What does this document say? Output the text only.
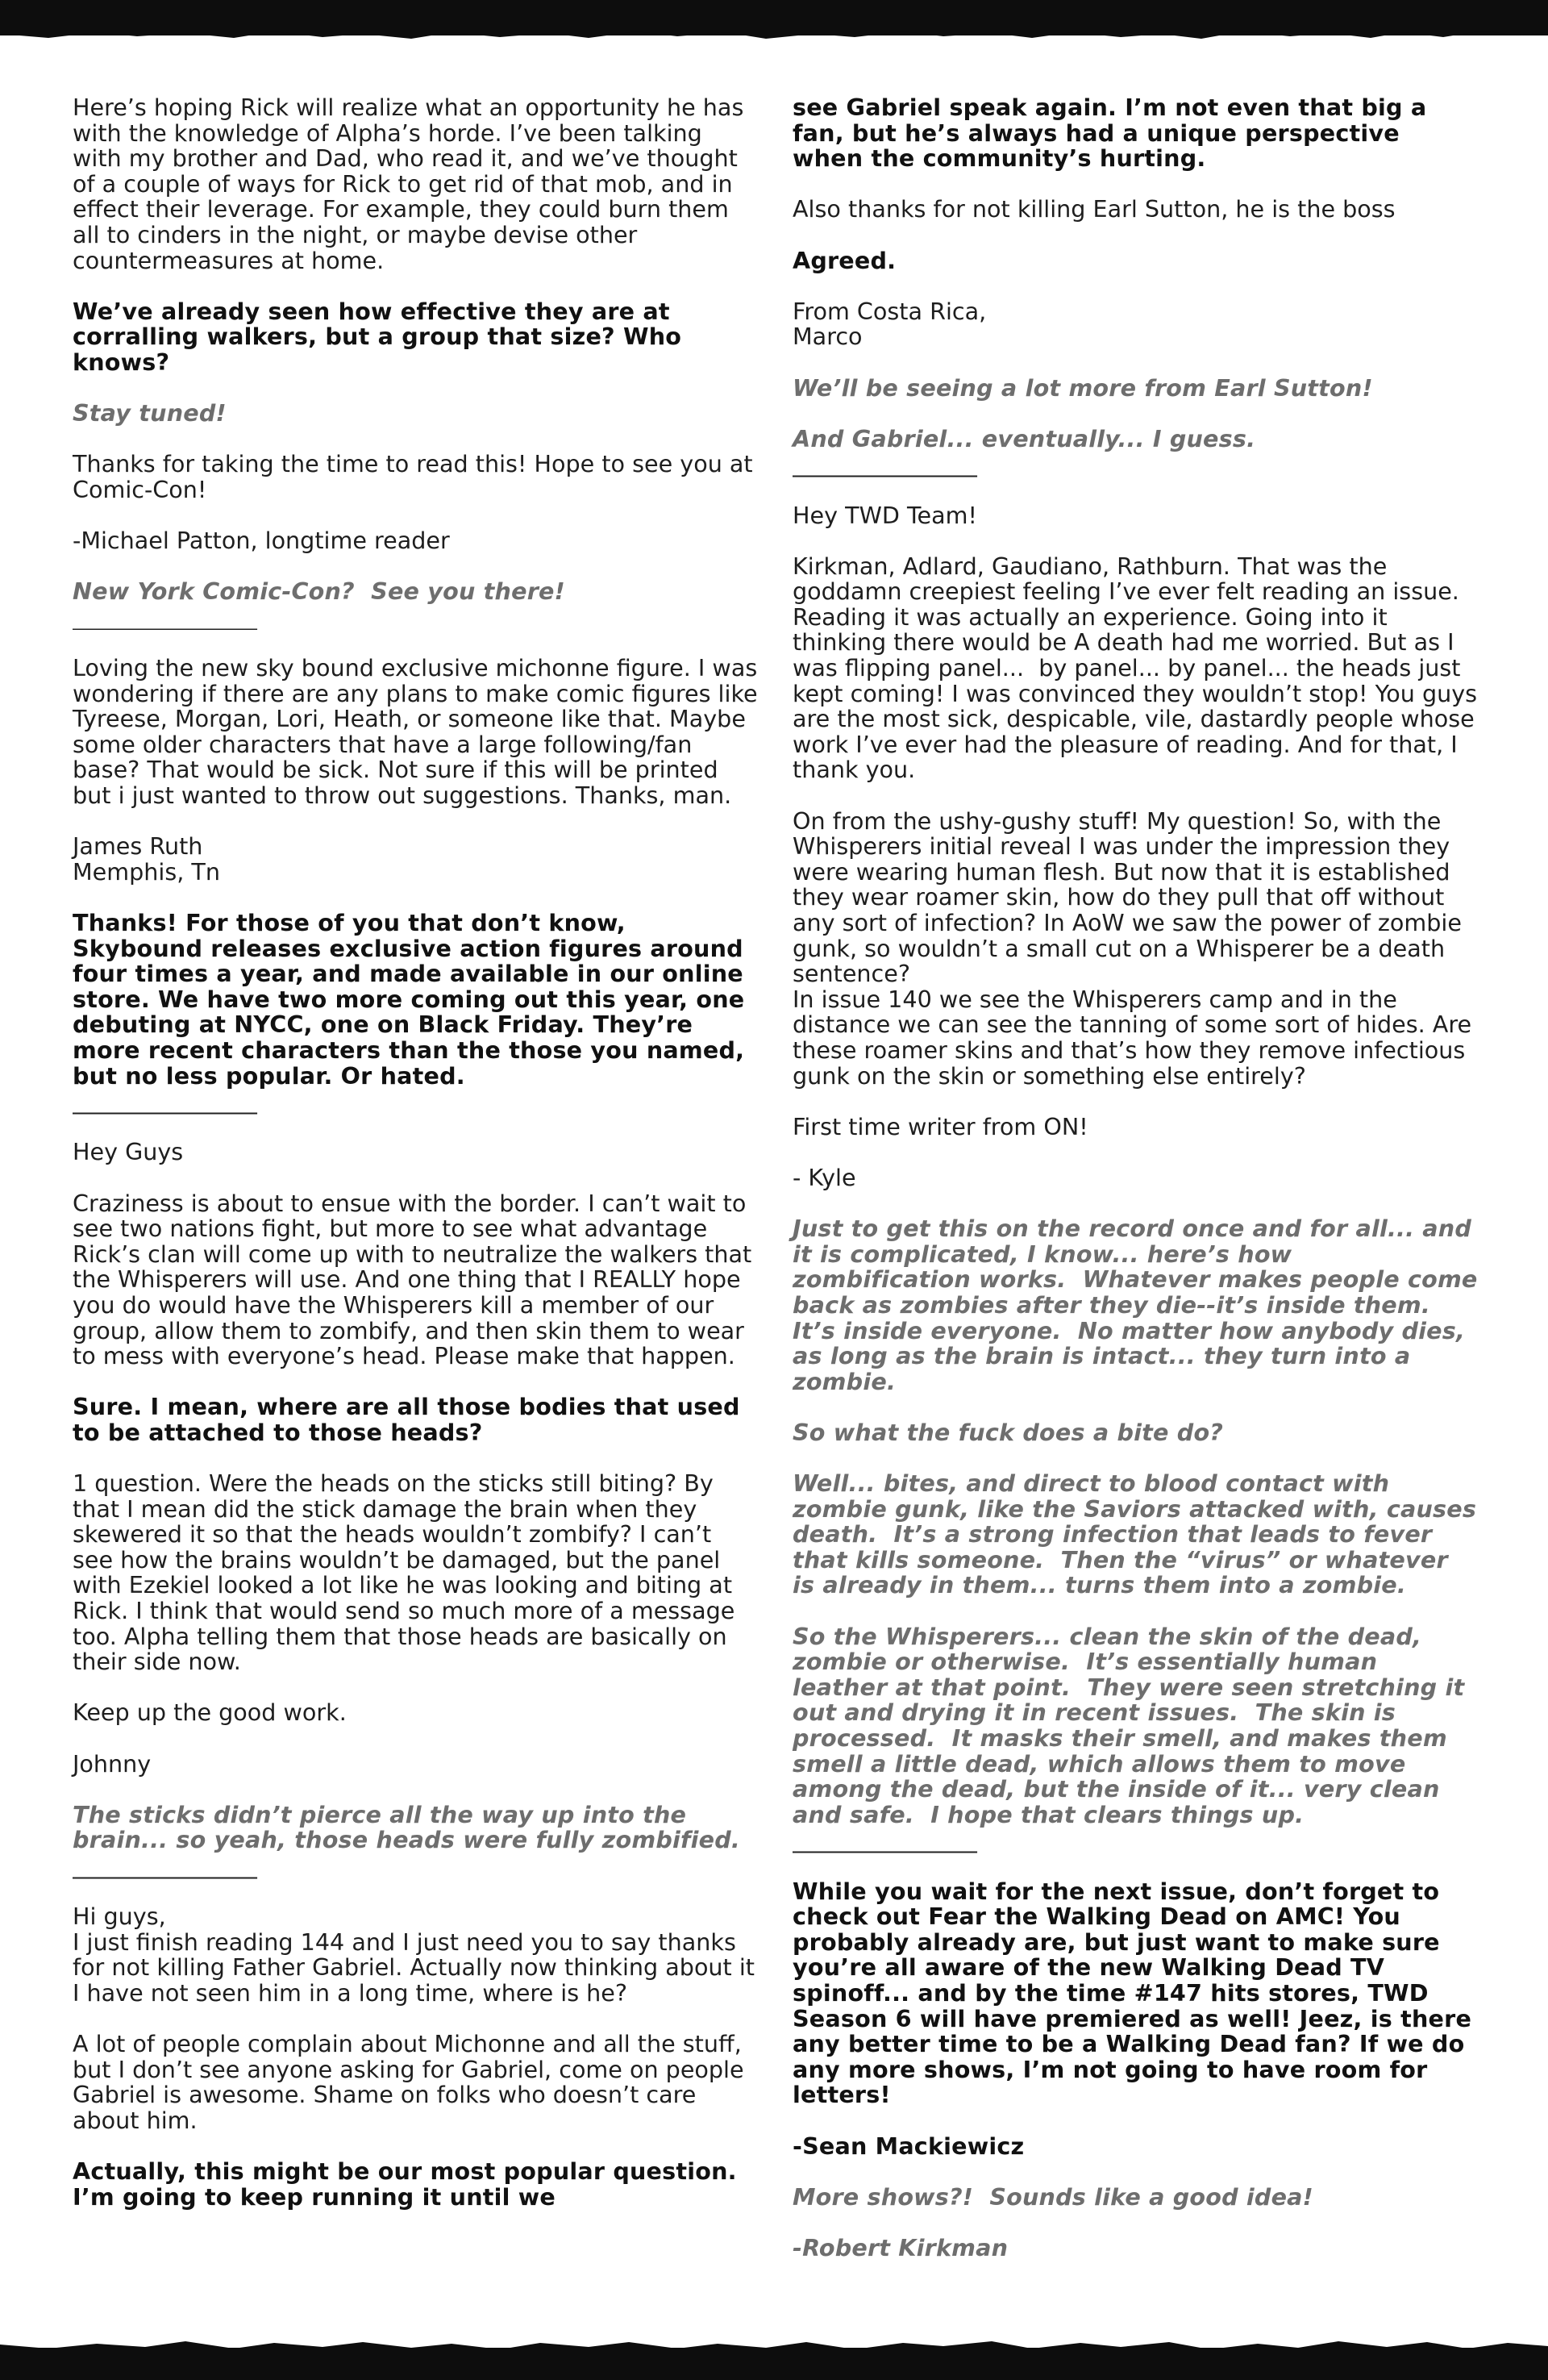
Here’s hoping Rick will realize what an opportunity he has with the knowledge of Alpha’s horde. I’ve been talking with my brother and Dad, who read it, and we’ve thought of a couple of ways for Rick to get rid of that mob, and in effect their leverage. For example, they could burn them all to cinders in the night, or maybe devise other countermeasures at home.

We’ve already seen how effective they are at corralling walkers, but a group that size? Who knows?

Stay tuned!

Thanks for taking the time to read this! Hope to see you at Comic-Con!

-Michael Patton, longtime reader

New York Comic-Con?  See you there!

________________

Loving the new sky bound exclusive michonne figure. I was wondering if there are any plans to make comic figures like Tyreese, Morgan, Lori, Heath, or someone like that. Maybe some older characters that have a large following/fan base? That would be sick. Not sure if this will be printed but i just wanted to throw out suggestions. Thanks, man.

James Ruth
Memphis, Tn

Thanks! For those of you that don’t know, Skybound releases exclusive action figures around four times a year, and made available in our online store. We have two more coming out this year, one debuting at NYCC, one on Black Friday. They’re more recent characters than the those you named, but no less popular. Or hated.

________________

Hey Guys

Craziness is about to ensue with the border. I can’t wait to see two nations fight, but more to see what advantage Rick’s clan will come up with to neutralize the walkers that the Whisperers will use. And one thing that I REALLY hope you do would have the Whisperers kill a member of our group, allow them to zombify, and then skin them to wear to mess with everyone’s head. Please make that happen.

Sure. I mean, where are all those bodies that used to be attached to those heads?

1 question. Were the heads on the sticks still biting? By that I mean did the stick damage the brain when they skewered it so that the heads wouldn’t zombify? I can’t see how the brains wouldn’t be damaged, but the panel with Ezekiel looked a lot like he was looking and biting at Rick. I think that would send so much more of a message too. Alpha telling them that those heads are basically on their side now.

Keep up the good work.

Johnny

The sticks didn’t pierce all the way up into the brain... so yeah, those heads were fully zombified.

________________

Hi guys,
I just finish reading 144 and I just need you to say thanks for not killing Father Gabriel. Actually now thinking about it I have not seen him in a long time, where is he?

A lot of people complain about Michonne and all the stuff, but I don’t see anyone asking for Gabriel, come on people Gabriel is awesome. Shame on folks who doesn’t care about him.

Actually, this might be our most popular question. I’m going to keep running it until we

see Gabriel speak again. I’m not even that big a fan, but he’s always had a unique perspective when the community’s hurting.

Also thanks for not killing Earl Sutton, he is the boss

Agreed.

From Costa Rica,
Marco

We’ll be seeing a lot more from Earl Sutton!

And Gabriel... eventually... I guess.

________________

Hey TWD Team!

Kirkman, Adlard, Gaudiano, Rathburn. That was the goddamn creepiest feeling I’ve ever felt reading an issue. Reading it was actually an experience. Going into it thinking there would be A death had me worried. But as I was flipping panel...  by panel... by panel... the heads just kept coming! I was convinced they wouldn’t stop! You guys are the most sick, despicable, vile, dastardly people whose work I’ve ever had the pleasure of reading. And for that, I thank you.

On from the ushy-gushy stuff! My question! So, with the Whisperers initial reveal I was under the impression they were wearing human flesh. But now that it is established they wear roamer skin, how do they pull that off without any sort of infection? In AoW we saw the power of zombie gunk, so wouldn’t a small cut on a Whisperer be a death sentence?
In issue 140 we see the Whisperers camp and in the distance we can see the tanning of some sort of hides. Are these roamer skins and that’s how they remove infectious gunk on the skin or something else entirely?

First time writer from ON!

- Kyle

Just to get this on the record once and for all... and it is complicated, I know... here’s how zombification works.  Whatever makes people come back as zombies after they die--it’s inside them.  It’s inside everyone.  No matter how anybody dies, as long as the brain is intact... they turn into a zombie.

So what the fuck does a bite do?

Well... bites, and direct to blood contact with zombie gunk, like the Saviors attacked with, causes death.  It’s a strong infection that leads to fever that kills someone.  Then the “virus” or whatever is already in them... turns them into a zombie.

So the Whisperers... clean the skin of the dead, zombie or otherwise.  It’s essentially human leather at that point.  They were seen stretching it out and drying it in recent issues.  The skin is processed.  It masks their smell, and makes them smell a little dead, which allows them to move among the dead, but the inside of it... very clean and safe.  I hope that clears things up.

________________

While you wait for the next issue, don’t forget to check out Fear the Walking Dead on AMC! You probably already are, but just want to make sure you’re all aware of the new Walking Dead TV spinoff... and by the time #147 hits stores, TWD Season 6 will have premiered as well! Jeez, is there any better time to be a Walking Dead fan? If we do any more shows, I’m not going to have room for letters!

-Sean Mackiewicz

More shows?!  Sounds like a good idea!

-Robert Kirkman
